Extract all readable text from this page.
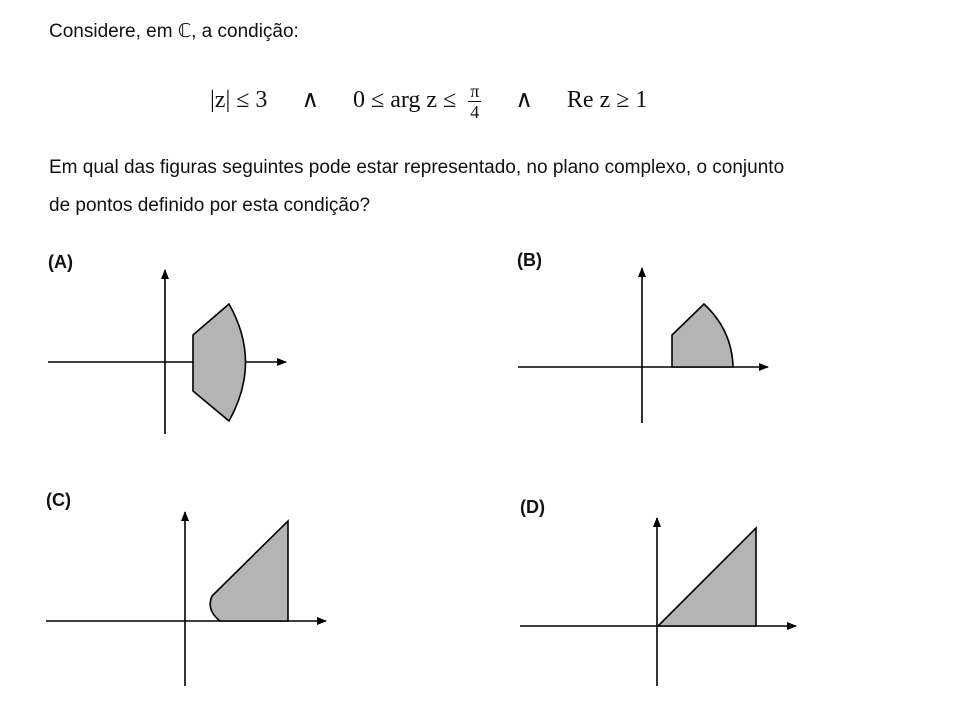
Considere, em ℂ, a condição:
|z| ≤ 3 ∧ 0 ≤ arg $z \le \frac{\pi}{4}$ ∧ Re z ≥ 1
Em qual das figuras seguintes pode estar representado, no plano complexo, o conjunto
de pontos definido por esta condição?
(A)	(B)
(C)	(D)
